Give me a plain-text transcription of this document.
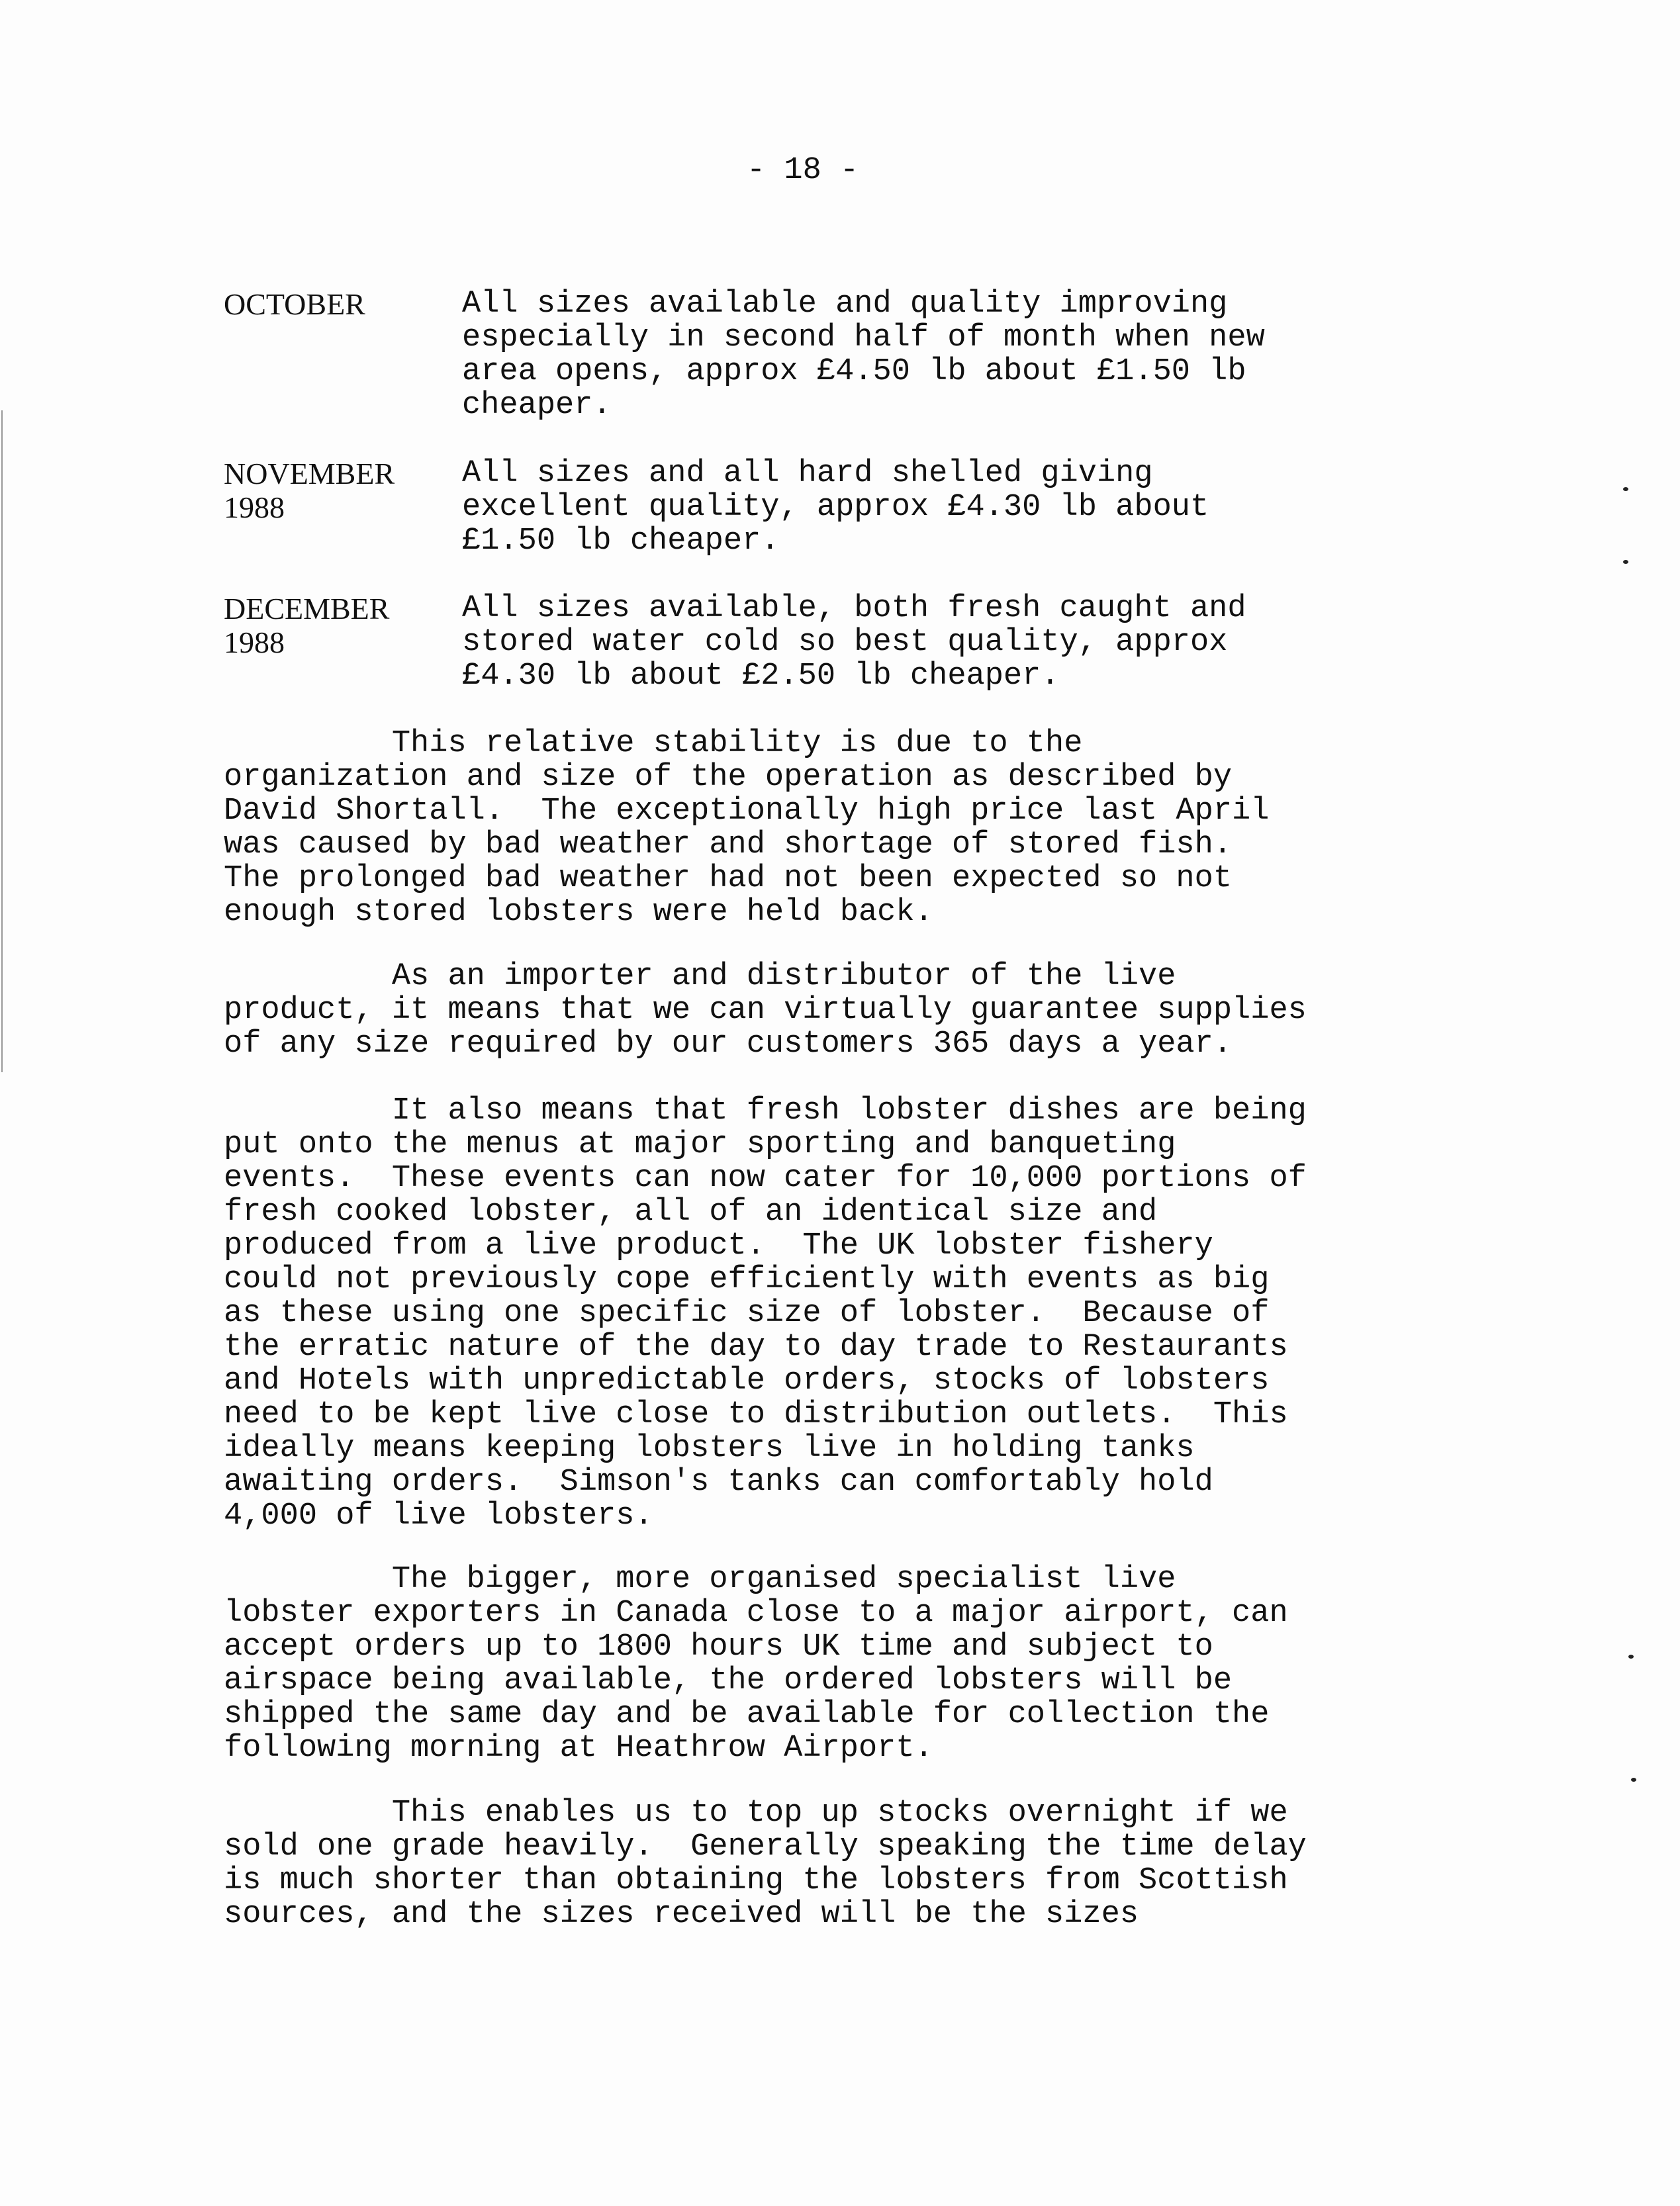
- 18 -
OCTOBER	All sizes available and quality improving
especially in second half of month when new
area opens, approx £4.50 lb about £1.50 lb
cheaper.
NOVEMBER
1988
All sizes and all hard shelled giving
excellent quality, approx £4.30 lb about
£1.50 lb cheaper.
DECEMBER
1988
All sizes available, both fresh caught and
stored water cold so best quality, approx
£4.30 lb about £2.50 lb cheaper.
This relative stability is due to the
organization and size of the operation as described by
David Shortall.  The exceptionally high price last April
was caused by bad weather and shortage of stored fish.
The prolonged bad weather had not been expected so not
enough stored lobsters were held back.
As an importer and distributor of the live
product, it means that we can virtually guarantee supplies
of any size required by our customers 365 days a year.
It also means that fresh lobster dishes are being
put onto the menus at major sporting and banqueting
events.  These events can now cater for 10,000 portions of
fresh cooked lobster, all of an identical size and
produced from a live product.  The UK lobster fishery
could not previously cope efficiently with events as big
as these using one specific size of lobster.  Because of
the erratic nature of the day to day trade to Restaurants
and Hotels with unpredictable orders, stocks of lobsters
need to be kept live close to distribution outlets.  This
ideally means keeping lobsters live in holding tanks
awaiting orders.  Simson's tanks can comfortably hold
4,000 of live lobsters.
The bigger, more organised specialist live
lobster exporters in Canada close to a major airport, can
accept orders up to 1800 hours UK time and subject to
airspace being available, the ordered lobsters will be
shipped the same day and be available for collection the
following morning at Heathrow Airport.
This enables us to top up stocks overnight if we
sold one grade heavily.  Generally speaking the time delay
is much shorter than obtaining the lobsters from Scottish
sources, and the sizes received will be the sizes
